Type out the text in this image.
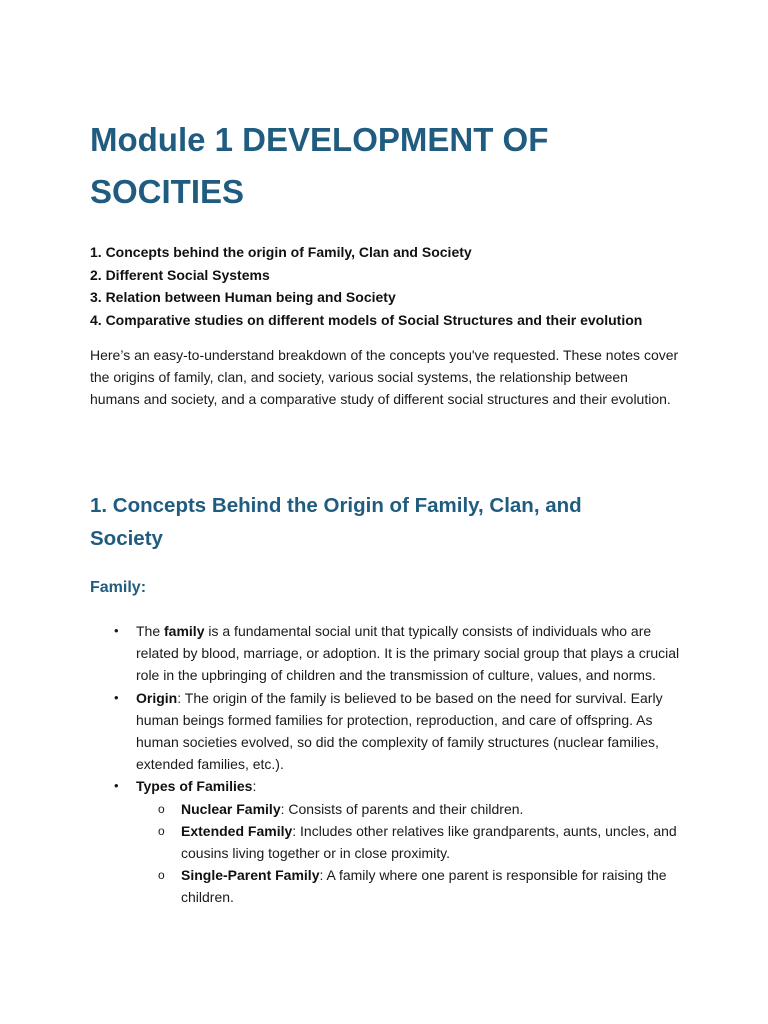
Module 1 DEVELOPMENT OF SOCITIES
1. Concepts behind the origin of Family, Clan and Society
2. Different Social Systems
3. Relation between Human being and Society
4. Comparative studies on different models of Social Structures and their evolution

Here’s an easy-to-understand breakdown of the concepts you've requested. These notes cover the origins of family, clan, and society, various social systems, the relationship between humans and society, and a comparative study of different social structures and their evolution.

1. Concepts Behind the Origin of Family, Clan, and Society
Family:
• The family is a fundamental social unit that typically consists of individuals who are related by blood, marriage, or adoption. It is the primary social group that plays a crucial role in the upbringing of children and the transmission of culture, values, and norms.
• Origin: The origin of the family is believed to be based on the need for survival. Early human beings formed families for protection, reproduction, and care of offspring. As human societies evolved, so did the complexity of family structures (nuclear families, extended families, etc.).
• Types of Families:
o Nuclear Family: Consists of parents and their children.
o Extended Family: Includes other relatives like grandparents, aunts, uncles, and cousins living together or in close proximity.
o Single-Parent Family: A family where one parent is responsible for raising the children.
